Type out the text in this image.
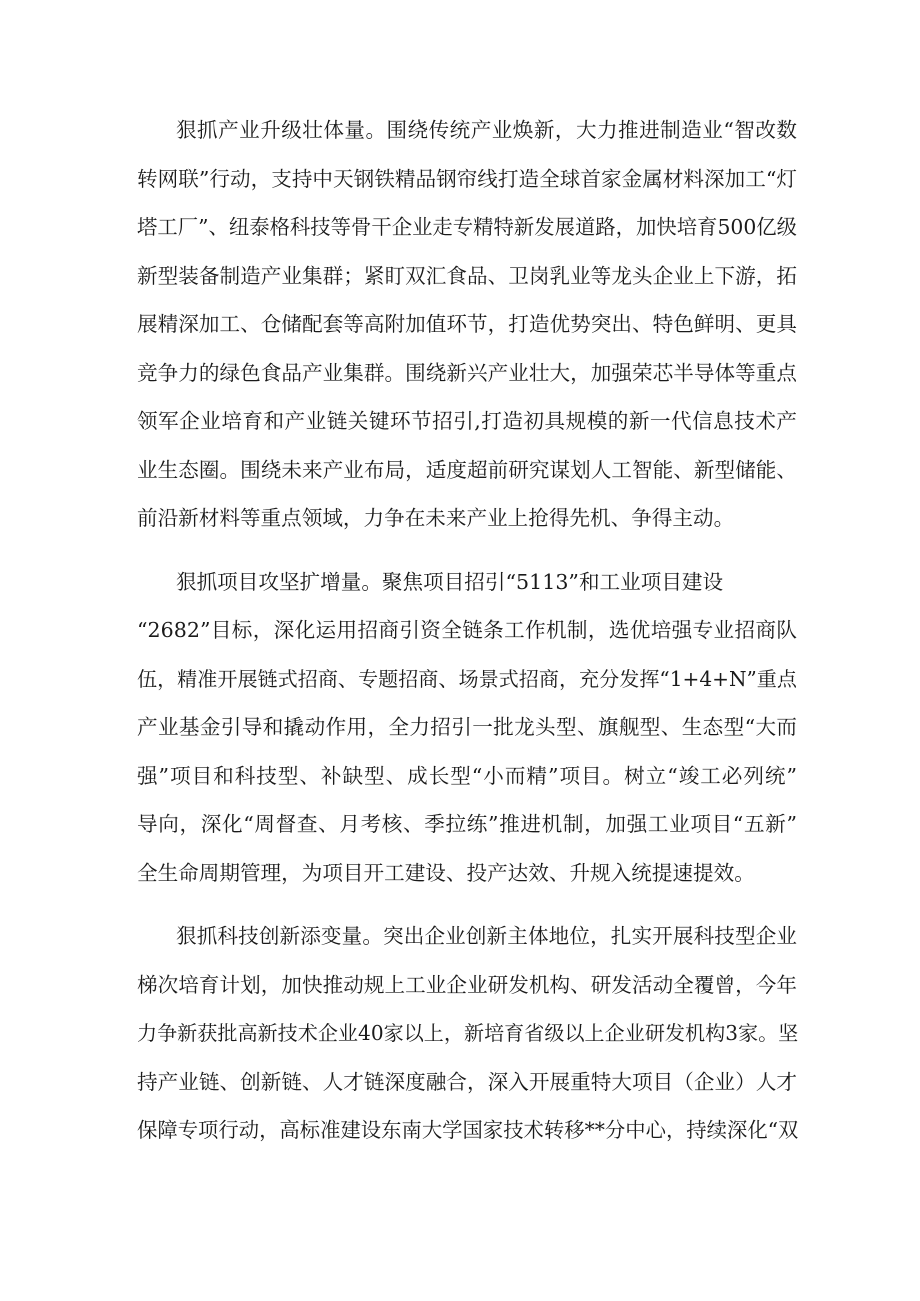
狠抓产业升级壮体量。围绕传统产业焕新，大力推进制造业“智改数
转网联”行动，支持中天钢铁精品钢帘线打造全球首家金属材料深加工“灯
塔工厂”、纽泰格科技等骨干企业走专精特新发展道路，加快培育500亿级
新型装备制造产业集群；紧盯双汇食品、卫岗乳业等龙头企业上下游，拓
展精深加工、仓储配套等高附加值环节，打造优势突出、特色鲜明、更具
竞争力的绿色食品产业集群。围绕新兴产业壮大，加强荣芯半导体等重点
领军企业培育和产业链关键环节招引,打造初具规模的新一代信息技术产
业生态圈。围绕未来产业布局，适度超前研究谋划人工智能、新型储能、
前沿新材料等重点领域，力争在未来产业上抢得先机、争得主动。
狠抓项目攻坚扩增量。聚焦项目招引“5113”和工业项目建设
“2682”目标，深化运用招商引资全链条工作机制，选优培强专业招商队
伍，精准开展链式招商、专题招商、场景式招商，充分发挥“1+4+N”重点
产业基金引导和撬动作用，全力招引一批龙头型、旗舰型、生态型“大而
强”项目和科技型、补缺型、成长型“小而精”项目。树立“竣工必列统”
导向，深化“周督查、月考核、季拉练”推进机制，加强工业项目“五新”
全生命周期管理，为项目开工建设、投产达效、升规入统提速提效。
狠抓科技创新添变量。突出企业创新主体地位，扎实开展科技型企业
梯次培育计划，加快推动规上工业企业研发机构、研发活动全覆曾，今年
力争新获批高新技术企业40家以上，新培育省级以上企业研发机构3家。坚
持产业链、创新链、人才链深度融合，深入开展重特大项目（企业）人才
保障专项行动，高标准建设东南大学国家技术转移**分中心，持续深化“双
